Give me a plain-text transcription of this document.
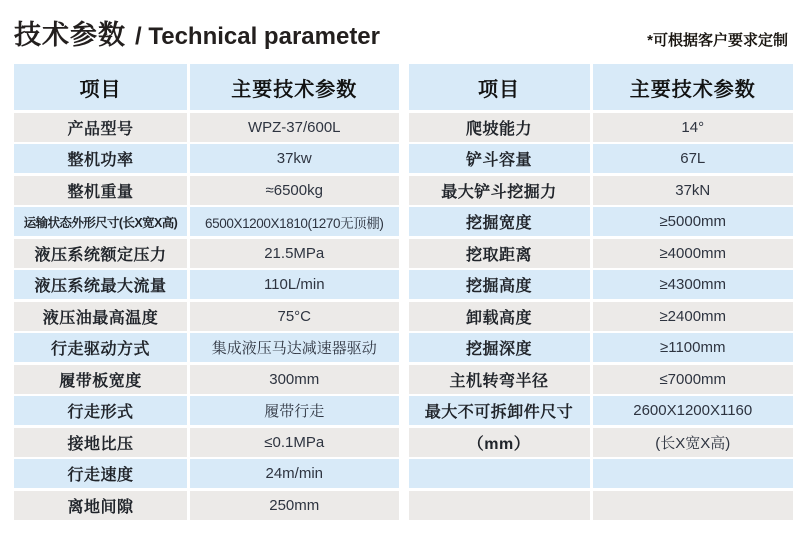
技术参数 / Technical parameter	*可根据客户要求定制
项目	主要技术参数
产品型号	WPZ-37/600L
整机功率	37kw
整机重量	≈6500kg
运输状态外形尺寸(长X宽X高)	6500X1200X1810(1270无顶棚)
液压系统额定压力	21.5MPa
液压系统最大流量	110L/min
液压油最高温度	75°C
行走驱动方式	集成液压马达减速器驱动
履带板宽度	300mm
行走形式	履带行走
接地比压	≤0.1MPa
行走速度	24m/min
离地间隙	250mm
项目	主要技术参数
爬坡能力	14°
铲斗容量	67L
最大铲斗挖掘力	37kN
挖掘宽度	≥5000mm
挖取距离	≥4000mm
挖掘高度	≥4300mm
卸载高度	≥2400mm
挖掘深度	≥1100mm
主机转弯半径	≤7000mm
最大不可拆卸件尺寸	2600X1200X1160
（mm）	(长X宽X高)
